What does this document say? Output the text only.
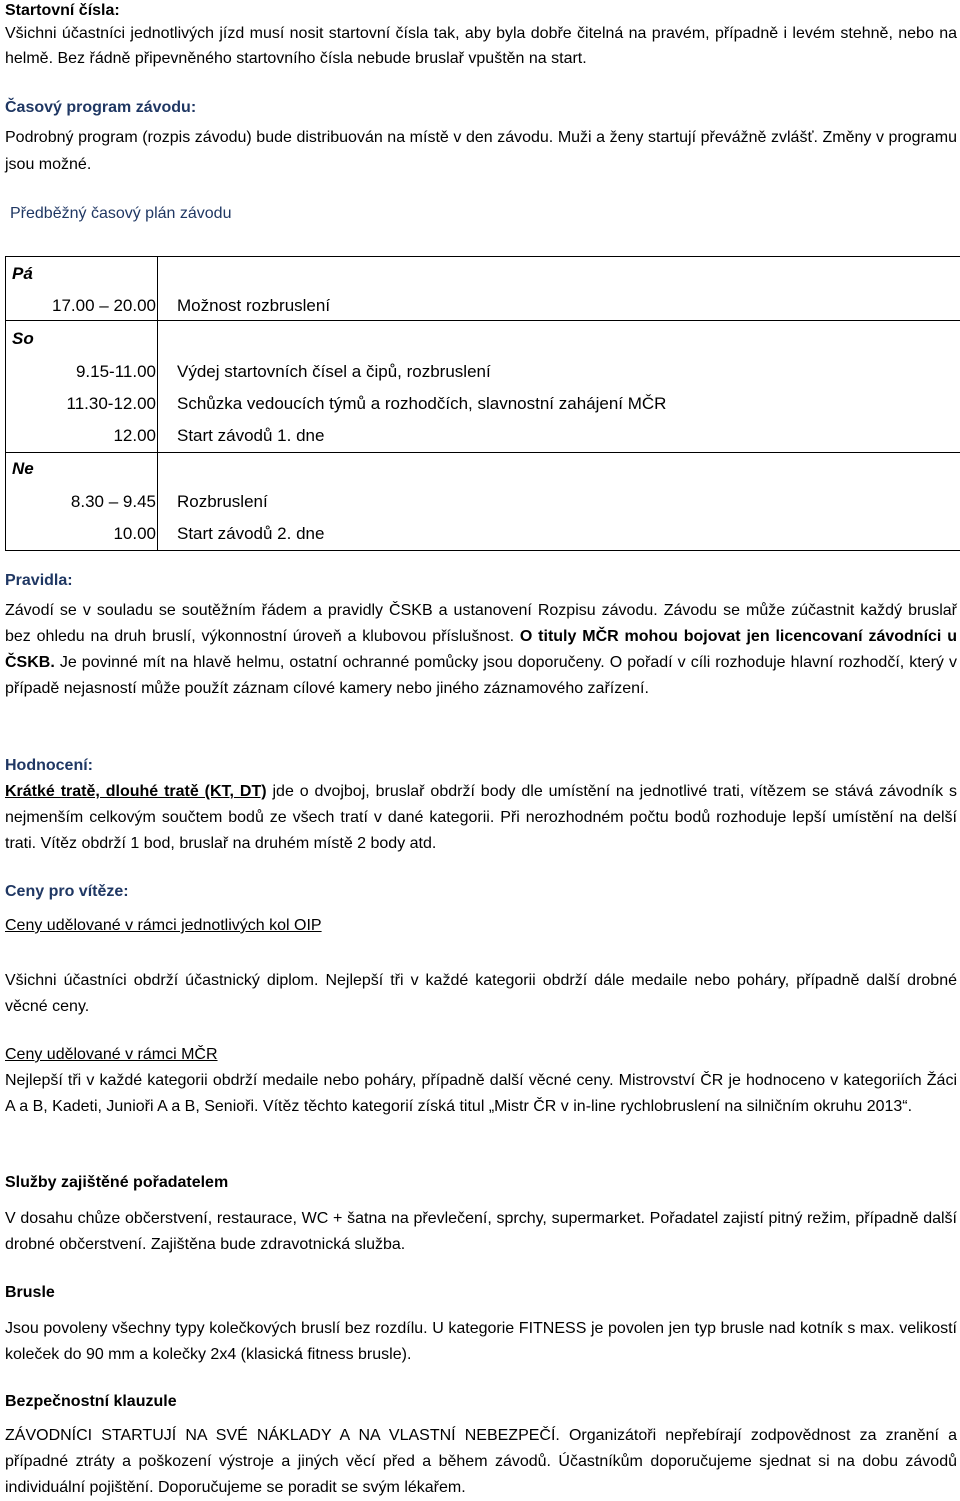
Startovní čísla:
Všichni účastníci jednotlivých jízd musí nosit startovní čísla tak, aby byla dobře čitelná na pravém, případně i levém stehně, nebo na helmě. Bez řádně připevněného startovního čísla nebude bruslař vpuštěn na start.
Časový program závodu:
Podrobný program (rozpis závodu) bude distribuován na místě v den závodu. Muži a ženy startují převážně zvlášť. Změny v programu jsou možné.
Předběžný časový plán závodu
Pá
17.00 – 20.00 Možnost rozbruslení
So
9.15-11.00 Výdej startovních čísel a čipů, rozbruslení
11.30-12.00 Schůzka vedoucích týmů a rozhodčích, slavnostní zahájení MČR
12.00 Start závodů 1. dne
Ne
8.30 – 9.45 Rozbruslení
10.00 Start závodů 2. dne
Pravidla:
Závodí se v souladu se soutěžním řádem a pravidly ČSKB a ustanovení Rozpisu závodu. Závodu se může zúčastnit každý bruslař bez ohledu na druh bruslí, výkonnostní úroveň a klubovou příslušnost. O tituly MČR mohou bojovat jen licencovaní závodníci u ČSKB. Je povinné mít na hlavě helmu, ostatní ochranné pomůcky jsou doporučeny. O pořadí v cíli rozhoduje hlavní rozhodčí, který v případě nejasností může použít záznam cílové kamery nebo jiného záznamového zařízení.
Hodnocení:
Krátké tratě, dlouhé tratě (KT, DT) jde o dvojboj, bruslař obdrží body dle umístění na jednotlivé trati, vítězem se stává závodník s nejmenším celkovým součtem bodů ze všech tratí v dané kategorii. Při nerozhodném počtu bodů rozhoduje lepší umístění na delší trati. Vítěz obdrží 1 bod, bruslař na druhém místě 2 body atd.
Ceny pro vítěze:
Ceny udělované v rámci jednotlivých kol OIP
Všichni účastníci obdrží účastnický diplom. Nejlepší tři v každé kategorii obdrží dále medaile nebo poháry, případně další drobné věcné ceny.
Ceny udělované v rámci MČR
Nejlepší tři v každé kategorii obdrží medaile nebo poháry, případně další věcné ceny. Mistrovství ČR je hodnoceno v kategoriích Žáci A a B, Kadeti, Junioři A a B, Senioři. Vítěz těchto kategorií získá titul „Mistr ČR v in-line rychlobruslení na silničním okruhu 2013“.
Služby zajištěné pořadatelem
V dosahu chůze občerstvení, restaurace, WC + šatna na převlečení, sprchy, supermarket. Pořadatel zajistí pitný režim, případně další drobné občerstvení. Zajištěna bude zdravotnická služba.
Brusle
Jsou povoleny všechny typy kolečkových bruslí bez rozdílu. U kategorie FITNESS je povolen jen typ brusle nad kotník s max. velikostí koleček do 90 mm a kolečky 2x4 (klasická fitness brusle).
Bezpečnostní klauzule
ZÁVODNÍCI STARTUJÍ NA SVÉ NÁKLADY A NA VLASTNÍ NEBEZPEČÍ. Organizátoři nepřebírají zodpovědnost za zranění a případné ztráty a poškození výstroje a jiných věcí před a během závodů. Účastníkům doporučujeme sjednat si na dobu závodů individuální pojištění. Doporučujeme se poradit se svým lékařem.
